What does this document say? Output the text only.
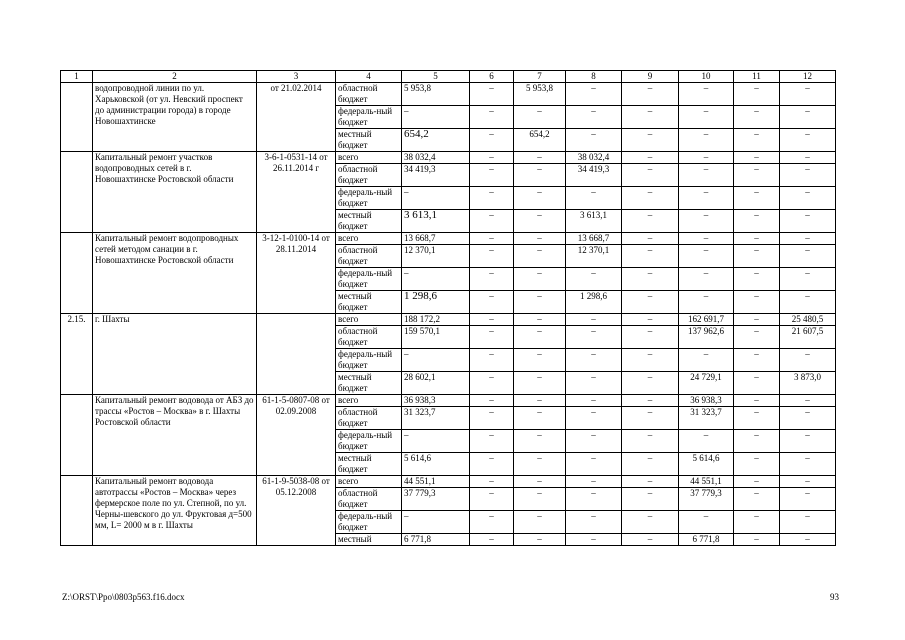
1	2	3	4	5	6	7	8	9	10	11	12
	водопроводной линии по ул. Харьковской (от ул. Невский проспект до администрации города) в городе Новошахтинске	от 21.02.2014	областной бюджет	5 953,8	–	5 953,8	–	–	–	–	–
			федераль-ный бюджет	–	–	–	–	–	–	–	–
			местный бюджет	654,2	–	654,2	–	–	–	–	–
	Капитальный ремонт участков водопроводных сетей в г. Новошахтинске Ростовской области	3-6-1-0531-14 от 26.11.2014 г	всего	38 032,4	–	–	38 032,4	–	–	–	–
			областной бюджет	34 419,3	–	–	34 419,3	–	–	–	–
			федераль-ный бюджет	–	–	–	–	–	–	–	–
			местный бюджет	3 613,1	–	–	3 613,1	–	–	–	–
	Капитальный ремонт водопроводных сетей методом санации в г. Новошахтинске Ростовской области	3-12-1-0100-14 от 28.11.2014	всего	13 668,7	–	–	13 668,7	–	–	–	–
			областной бюджет	12 370,1	–	–	12 370,1	–	–	–	–
			федераль-ный бюджет	–	–	–	–	–	–	–	–
			местный бюджет	1 298,6	–	–	1 298,6	–	–	–	–
2.15.	г. Шахты		всего	188 172,2	–	–	–	–	162 691,7	–	25 480,5
			областной бюджет	159 570,1	–	–	–	–	137 962,6	–	21 607,5
			федераль-ный бюджет	–	–	–	–	–	–	–	–
			местный бюджет	28 602,1	–	–	–	–	24 729,1	–	3 873,0
	Капитальный ремонт водовода от АБЗ до трассы «Ростов – Москва» в г. Шахты Ростовской области	61-1-5-0807-08 от 02.09.2008	всего	36 938,3	–	–	–	–	36 938,3	–	–
			областной бюджет	31 323,7	–	–	–	–	31 323,7	–	–
			федераль-ный бюджет	–	–	–	–	–	–	–	–
			местный бюджет	5 614,6	–	–	–	–	5 614,6	–	–
	Капитальный ремонт водовода автотрассы «Ростов – Москва» через фермерское поле по ул. Степной, по ул. Черны-шевского до ул. Фруктовая д=500 мм, L= 2000 м в г. Шахты	61-1-9-5038-08 от 05.12.2008	всего	44 551,1	–	–	–	–	44 551,1	–	–
			областной бюджет	37 779,3	–	–	–	–	37 779,3	–	–
			федераль-ный бюджет	–	–	–	–	–	–	–	–
			местный	6 771,8	–	–	–	–	6 771,8	–	–
Z:\ORST\Ppo\0803p563.f16.docx	93
